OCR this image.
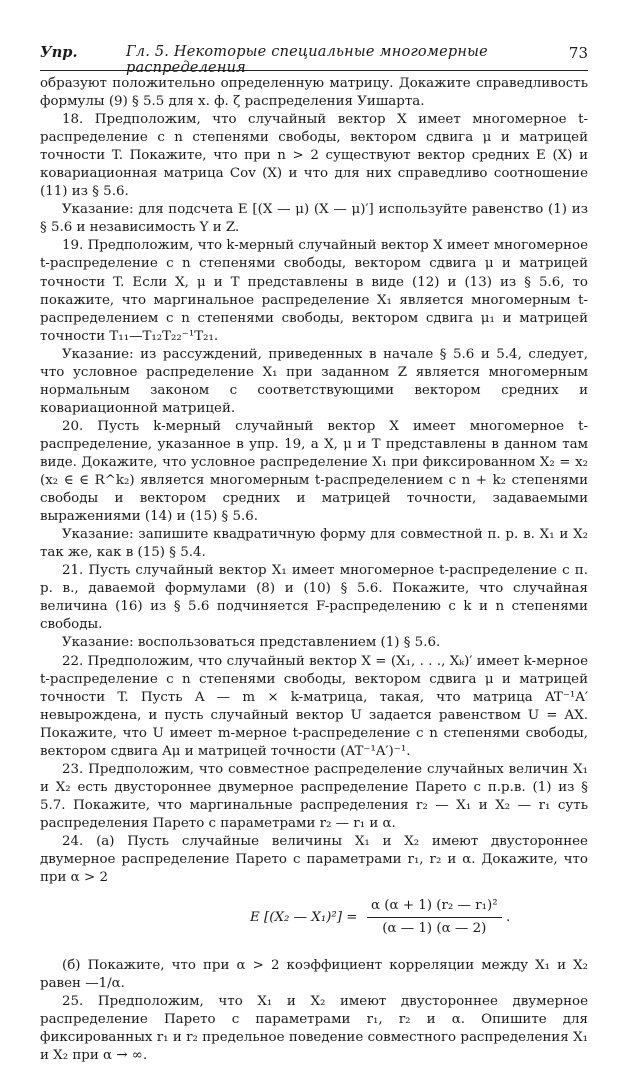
Упр.	Гл. 5. Некоторые специальные многомерные распределения
73

образуют положительно определенную матрицу. Докажите справедливость формулы (9) § 5.5 для х. ф. ζ распределения Уишарта.

18. Предположим, что случайный вектор X имеет многомерное t-распределение с n степенями свободы, вектором сдвига μ и матрицей точности T. Покажите, что при n > 2 существуют вектор средних E (X) и ковариационная матрица Cov (X) и что для них справедливо соотношение (11) из § 5.6.

Указание: для подсчета E [(X — μ) (X — μ)′] используйте равенство (1) из § 5.6 и независимость Y и Z.

19. Предположим, что k-мерный случайный вектор X имеет многомерное t-распределение с n степенями свободы, вектором сдвига μ и матрицей точности T. Если X, μ и T представлены в виде (12) и (13) из § 5.6, то покажите, что маргинальное распределение X₁ является многомерным t-распределением с n степенями свободы, вектором сдвига μ₁ и матрицей точности T₁₁—T₁₂T₂₂⁻¹T₂₁.

Указание: из рассуждений, приведенных в начале § 5.6 и 5.4, следует, что условное распределение X₁ при заданном Z является многомерным нормальным законом с соответствующими вектором средних и ковариационной матрицей.

20. Пусть k-мерный случайный вектор X имеет многомерное t-распределение, указанное в упр. 19, а X, μ и T представлены в данном там виде. Докажите, что условное распределение X₁ при фиксированном X₂ = x₂ (x₂ ∈ ∈ R^k₂) является многомерным t-распределением с n + k₂ степенями свободы и вектором средних и матрицей точности, задаваемыми выражениями (14) и (15) § 5.6.

Указание: запишите квадратичную форму для совместной п. р. в. X₁ и X₂ так же, как в (15) § 5.4.

21. Пусть случайный вектор X₁ имеет многомерное t-распределение с п. р. в., даваемой формулами (8) и (10) § 5.6. Покажите, что случайная величина (16) из § 5.6 подчиняется F-распределению с k и n степенями свободы.

Указание: воспользоваться представлением (1) § 5.6.

22. Предположим, что случайный вектор X = (X₁, . . ., Xₖ)′ имеет k-мерное t-распределение с n степенями свободы, вектором сдвига μ и матрицей точности T. Пусть A — m × k-матрица, такая, что матрица AT⁻¹A′ невырождена, и пусть случайный вектор U задается равенством U = AX. Покажите, что U имеет m-мерное t-распределение с n степенями свободы, вектором сдвига Aμ и матрицей точности (AT⁻¹A′)⁻¹.

23. Предположим, что совместное распределение случайных величин X₁ и X₂ есть двустороннее двумерное распределение Парето с п.р.в. (1) из § 5.7. Покажите, что маргинальные распределения r₂ — X₁ и X₂ — r₁ суть распределения Парето с параметрами r₂ — r₁ и α.

24. (а) Пусть случайные величины X₁ и X₂ имеют двустороннее двумерное распределение Парето с параметрами r₁, r₂ и α. Докажите, что при α > 2

E [(X₂ — $X_1)^2] = \frac{\text{α (α + 1) (r₂ — r₁)²}}{(\alpha — 1) (\alpha — 2)}$ .

(б) Покажите, что при α > 2 коэффициент корреляции между X₁ и X₂ равен —1/α.

25. Предположим, что X₁ и X₂ имеют двустороннее двумерное распределение Парето с параметрами r₁, r₂ и α. Опишите для фиксированных r₁ и r₂ предельное поведение совместного распределения X₁ и X₂ при α → ∞.
